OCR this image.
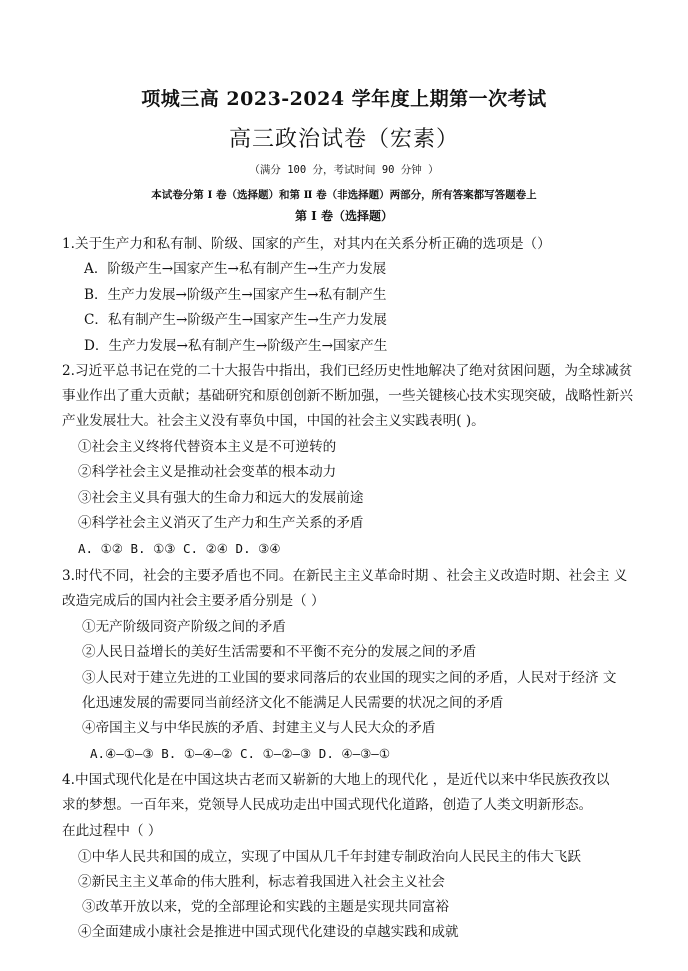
项城三高 2023-2024 学年度上期第一次考试
高三政治试卷（宏素）
（满分 100 分，考试时间 90 分钟 ）
本试卷分第 Ⅰ 卷（选择题）和第 Ⅱ 卷（非选择题）两部分，所有答案都写答题卷上
第 I 卷（选择题）
1.关于生产力和私有制、阶级、国家的产生，对其内在关系分析正确的选项是（）
A．阶级产生→国家产生→私有制产生→生产力发展
B．生产力发展→阶级产生→国家产生→私有制产生
C．私有制产生→阶级产生→国家产生→生产力发展
D．生产力发展→私有制产生→阶级产生→国家产生
2.习近平总书记在党的二十大报告中指出，我们已经历史性地解决了绝对贫困问题，为全球减贫
事业作出了重大贡献；基础研究和原创创新不断加强，一些关键核心技术实现突破，战略性新兴
产业发展壮大。社会主义没有辜负中国，中国的社会主义实践表明( )。
①社会主义终将代替资本主义是不可逆转的
②科学社会主义是推动社会变革的根本动力
③社会主义具有强大的生命力和远大的发展前途
④科学社会主义消灭了生产力和生产关系的矛盾
A. ①② B. ①③ C. ②④ D. ③④
3.时代不同，社会的主要矛盾也不同。在新民主主义革命时期 、社会主义改造时期、社会主 义
改造完成后的国内社会主要矛盾分别是（ ）
①无产阶级同资产阶级之间的矛盾
②人民日益增长的美好生活需要和不平衡不充分的发展之间的矛盾
③人民对于建立先进的工业国的要求同落后的农业国的现实之间的矛盾，人民对于经济 文
化迅速发展的需要同当前经济文化不能满足人民需要的状况之间的矛盾
④帝国主义与中华民族的矛盾、封建主义与人民大众的矛盾
A.④—①—③ B. ①—④—② C. ①—②—③ D. ④—③—①
4.中国式现代化是在中国这块古老而又崭新的大地上的现代化 ，是近代以来中华民族孜孜以
求的梦想。一百年来，党领导人民成功走出中国式现代化道路，创造了人类文明新形态。
在此过程中（ ）
①中华人民共和国的成立，实现了中国从几千年封建专制政治向人民民主的伟大飞跃
②新民主主义革命的伟大胜利，标志着我国进入社会主义社会
③改革开放以来，党的全部理论和实践的主题是实现共同富裕
④全面建成小康社会是推进中国式现代化建设的卓越实践和成就
